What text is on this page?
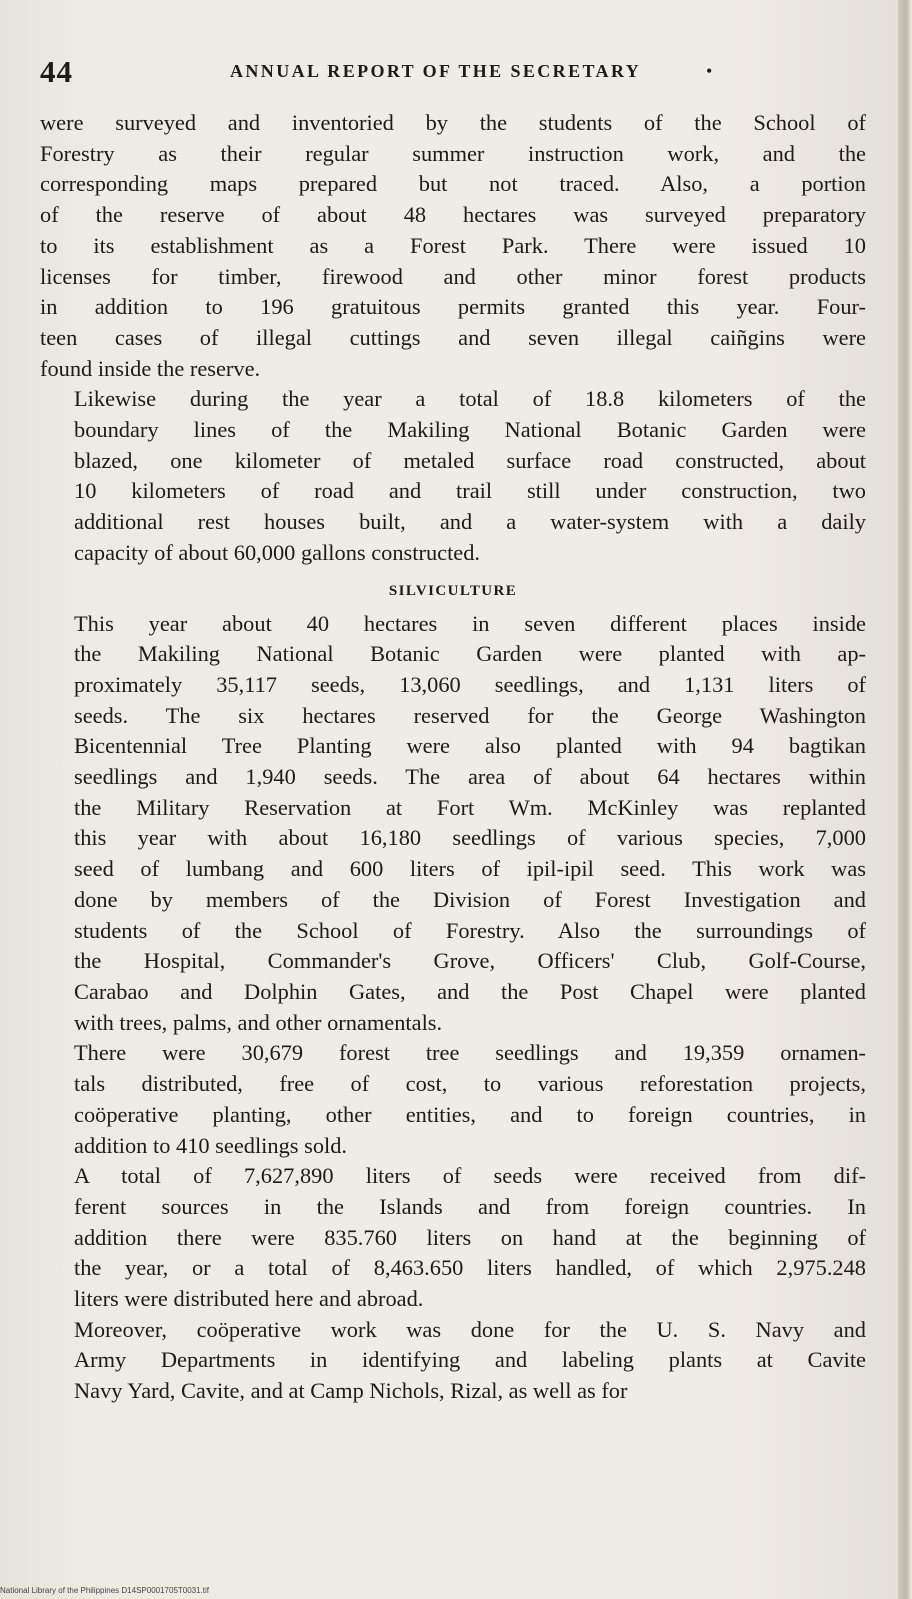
44	ANNUAL REPORT OF THE SECRETARY	•

were surveyed and inventoried by the students of the School of
Forestry as their regular summer instruction work, and the
corresponding maps prepared but not traced. Also, a portion
of the reserve of about 48 hectares was surveyed preparatory
to its establishment as a Forest Park. There were issued 10
licenses for timber, firewood and other minor forest products
in addition to 196 gratuitous permits granted this year. Four-
teen cases of illegal cuttings and seven illegal caiñgins were
found inside the reserve.

Likewise during the year a total of 18.8 kilometers of the
boundary lines of the Makiling National Botanic Garden were
blazed, one kilometer of metaled surface road constructed, about
10 kilometers of road and trail still under construction, two
additional rest houses built, and a water-system with a daily
capacity of about 60,000 gallons constructed.

SILVICULTURE

This year about 40 hectares in seven different places inside
the Makiling National Botanic Garden were planted with ap-
proximately 35,117 seeds, 13,060 seedlings, and 1,131 liters of
seeds. The six hectares reserved for the George Washington
Bicentennial Tree Planting were also planted with 94 bagtikan
seedlings and 1,940 seeds. The area of about 64 hectares within
the Military Reservation at Fort Wm. McKinley was replanted
this year with about 16,180 seedlings of various species, 7,000
seed of lumbang and 600 liters of ipil-ipil seed. This work was
done by members of the Division of Forest Investigation and
students of the School of Forestry. Also the surroundings of
the Hospital, Commander's Grove, Officers' Club, Golf-Course,
Carabao and Dolphin Gates, and the Post Chapel were planted
with trees, palms, and other ornamentals.

There were 30,679 forest tree seedlings and 19,359 ornamen-
tals distributed, free of cost, to various reforestation projects,
coöperative planting, other entities, and to foreign countries, in
addition to 410 seedlings sold.

A total of 7,627,890 liters of seeds were received from dif-
ferent sources in the Islands and from foreign countries. In
addition there were 835.760 liters on hand at the beginning of
the year, or a total of 8,463.650 liters handled, of which 2,975.248
liters were distributed here and abroad.

Moreover, coöperative work was done for the U. S. Navy and
Army Departments in identifying and labeling plants at Cavite
Navy Yard, Cavite, and at Camp Nichols, Rizal, as well as for

National Library of the Philippines D14SP0001705T0031.tif
